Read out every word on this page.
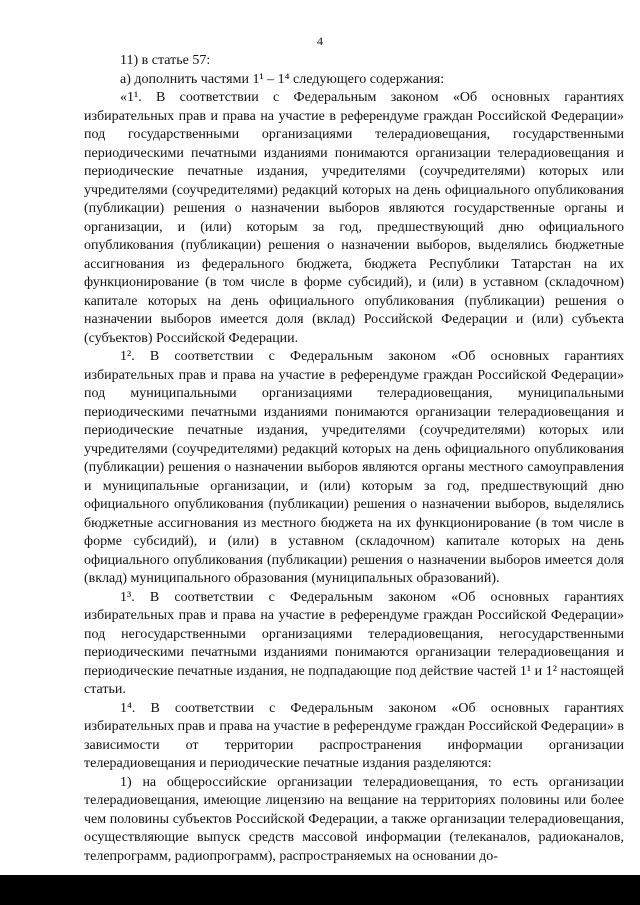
4

11) в статье 57:

а) дополнить частями 1¹ – 1⁴ следующего содержания:

«1¹. В соответствии с Федеральным законом «Об основных гарантиях избирательных прав и права на участие в референдуме граждан Российской Федерации» под государственными организациями телерадиовещания, государственными периодическими печатными изданиями понимаются организации телерадиовещания и периодические печатные издания, учредителями (соучредителями) которых или учредителями (соучредителями) редакций которых на день официального опубликования (публикации) решения о назначении выборов являются государственные органы и организации, и (или) которым за год, предшествующий дню официального опубликования (публикации) решения о назначении выборов, выделялись бюджетные ассигнования из федерального бюджета, бюджета Республики Татарстан на их функционирование (в том числе в форме субсидий), и (или) в уставном (складочном) капитале которых на день официального опубликования (публикации) решения о назначении выборов имеется доля (вклад) Российской Федерации и (или) субъекта (субъектов) Российской Федерации.

1². В соответствии с Федеральным законом «Об основных гарантиях избирательных прав и права на участие в референдуме граждан Российской Федерации» под муниципальными организациями телерадиовещания, муниципальными периодическими печатными изданиями понимаются организации телерадиовещания и периодические печатные издания, учредителями (соучредителями) которых или учредителями (соучредителями) редакций которых на день официального опубликования (публикации) решения о назначении выборов являются органы местного самоуправления и муниципальные организации, и (или) которым за год, предшествующий дню официального опубликования (публикации) решения о назначении выборов, выделялись бюджетные ассигнования из местного бюджета на их функционирование (в том числе в форме субсидий), и (или) в уставном (складочном) капитале которых на день официального опубликования (публикации) решения о назначении выборов имеется доля (вклад) муниципального образования (муниципальных образований).

1³. В соответствии с Федеральным законом «Об основных гарантиях избирательных прав и права на участие в референдуме граждан Российской Федерации» под негосударственными организациями телерадиовещания, негосударственными периодическими печатными изданиями понимаются организации телерадиовещания и периодические печатные издания, не подпадающие под действие частей 1¹ и 1² настоящей статьи.

1⁴. В соответствии с Федеральным законом «Об основных гарантиях избирательных прав и права на участие в референдуме граждан Российской Федерации» в зависимости от территории распространения информации организации телерадиовещания и периодические печатные издания разделяются:

1) на общероссийские организации телерадиовещания, то есть организации телерадиовещания, имеющие лицензию на вещание на территориях половины или более чем половины субъектов Российской Федерации, а также организации телерадиовещания, осуществляющие выпуск средств массовой информации (телеканалов, радиоканалов, телепрограмм, радиопрограмм), распространяемых на основании до-
